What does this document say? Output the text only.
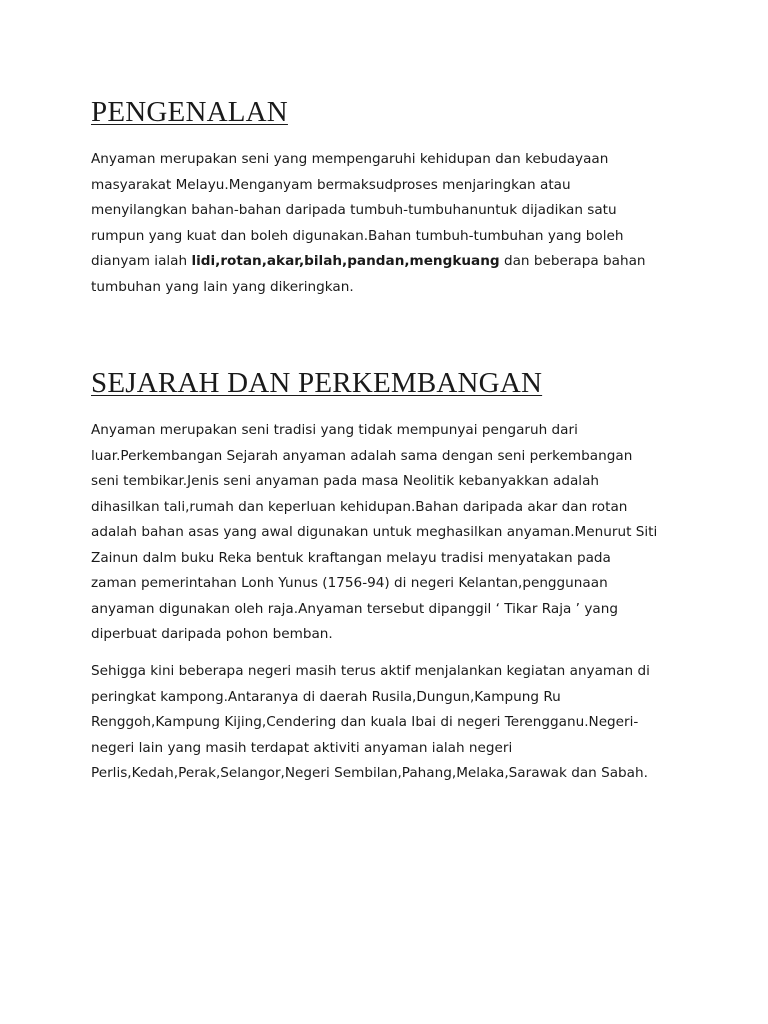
PENGENALAN

Anyaman merupakan seni yang mempengaruhi kehidupan dan kebudayaan
masyarakat Melayu.Menganyam bermaksudproses menjaringkan atau
menyilangkan bahan-bahan daripada tumbuh-tumbuhanuntuk dijadikan satu
rumpun yang kuat dan boleh digunakan.Bahan tumbuh-tumbuhan yang boleh
dianyam ialah lidi,rotan,akar,bilah,pandan,mengkuang dan beberapa bahan
tumbuhan yang lain yang dikeringkan.

SEJARAH DAN PERKEMBANGAN

Anyaman merupakan seni tradisi yang tidak mempunyai pengaruh dari
luar.Perkembangan Sejarah anyaman adalah sama dengan seni perkembangan
seni tembikar.Jenis seni anyaman pada masa Neolitik kebanyakkan adalah
dihasilkan tali,rumah dan keperluan kehidupan.Bahan daripada akar dan rotan
adalah bahan asas yang awal digunakan untuk meghasilkan anyaman.Menurut Siti
Zainun dalm buku Reka bentuk kraftangan melayu tradisi menyatakan pada
zaman pemerintahan Lonh Yunus (1756-94) di negeri Kelantan,penggunaan
anyaman digunakan oleh raja.Anyaman tersebut dipanggil ‘ Tikar Raja ’ yang
diperbuat daripada pohon bemban.

Sehigga kini beberapa negeri masih terus aktif menjalankan kegiatan anyaman di
peringkat kampong.Antaranya di daerah Rusila,Dungun,Kampung Ru
Renggoh,Kampung Kijing,Cendering dan kuala Ibai di negeri Terengganu.Negeri-
negeri lain yang masih terdapat aktiviti anyaman ialah negeri
Perlis,Kedah,Perak,Selangor,Negeri Sembilan,Pahang,Melaka,Sarawak dan Sabah.
